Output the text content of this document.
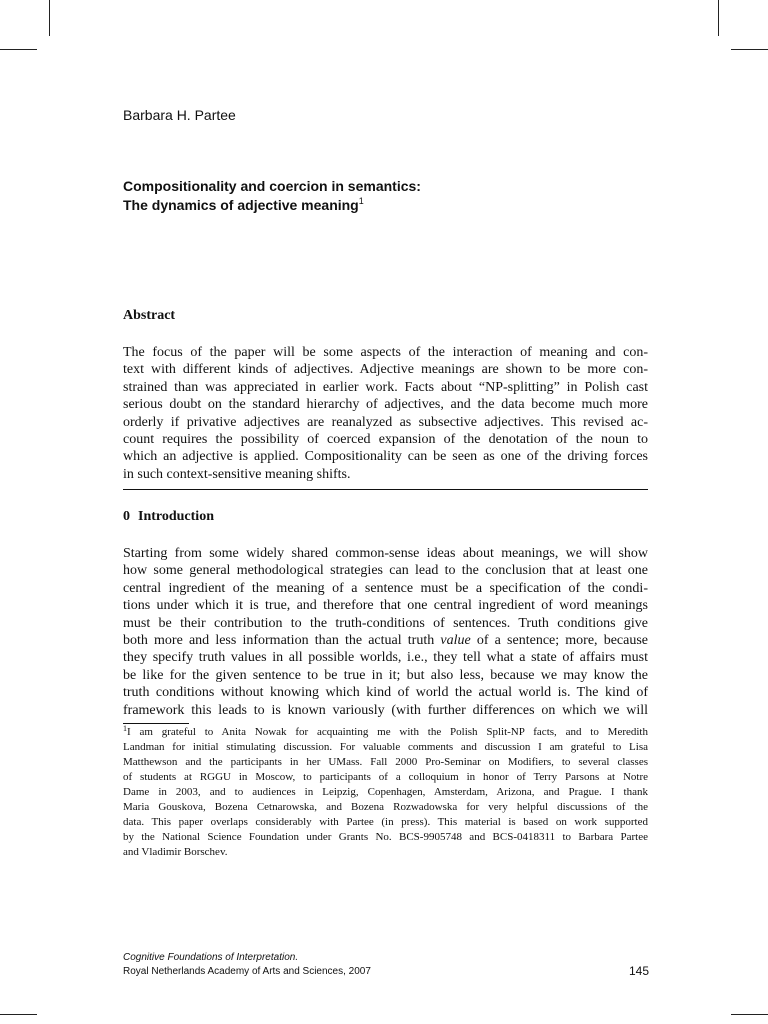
Barbara H. Partee
Compositionality and coercion in semantics:
The dynamics of adjective meaning$^1$
Abstract
The focus of the paper will be some aspects of the interaction of meaning and con-
text with different kinds of adjectives. Adjective meanings are shown to be more con-
strained than was appreciated in earlier work. Facts about “NP-splitting” in Polish cast
serious doubt on the standard hierarchy of adjectives, and the data become much more
orderly if privative adjectives are reanalyzed as subsective adjectives. This revised ac-
count requires the possibility of coerced expansion of the denotation of the noun to
which an adjective is applied. Compositionality can be seen as one of the driving forces
in such context-sensitive meaning shifts.
0 Introduction
Starting from some widely shared common-sense ideas about meanings, we will show
how some general methodological strategies can lead to the conclusion that at least one
central ingredient of the meaning of a sentence must be a specification of the condi-
tions under which it is true, and therefore that one central ingredient of word meanings
must be their contribution to the truth-conditions of sentences. Truth conditions give
both more and less information than the actual truth value of a sentence; more, because
they specify truth values in all possible worlds, i.e., they tell what a state of affairs must
be like for the given sentence to be true in it; but also less, because we may know the
truth conditions without knowing which kind of world the actual world is. The kind of
framework this leads to is known variously (with further differences on which we will
$^1$I am grateful to Anita Nowak for acquainting me with the Polish Split-NP facts, and to Meredith
Landman for initial stimulating discussion. For valuable comments and discussion I am grateful to Lisa
Matthewson and the participants in her UMass. Fall 2000 Pro-Seminar on Modifiers, to several classes
of students at RGGU in Moscow, to participants of a colloquium in honor of Terry Parsons at Notre
Dame in 2003, and to audiences in Leipzig, Copenhagen, Amsterdam, Arizona, and Prague. I thank
Maria Gouskova, Bozena Cetnarowska, and Bozena Rozwadowska for very helpful discussions of the
data. This paper overlaps considerably with Partee (in press). This material is based on work supported
by the National Science Foundation under Grants No. BCS-9905748 and BCS-0418311 to Barbara Partee
and Vladimir Borschev.
Cognitive Foundations of Interpretation.
Royal Netherlands Academy of Arts and Sciences, 2007	145
